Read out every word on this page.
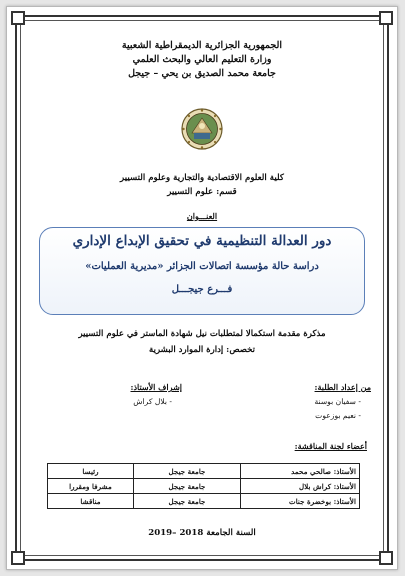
الجمهورية الجزائرية الديمقراطية الشعبية
وزارة التعليم العالي والبحث العلمي
جامعة محمد الصديق بن يحي – جيجل
كلية العلوم الاقتصادية والتجارية وعلوم التسيير
قسم: علوم التسيير
العنـــوان
دور العدالة التنظيمية في تحقيق الإبداع الإداري
دراسة حالة مؤسسة اتصالات الجزائر «مديرية العمليات»
فـــرع جيجـــل
مذكرة مقدمة استكمالا لمتطلبات نيل شهادة الماستر في علوم التسيير
تخصص: إدارة الموارد البشرية
من إعداد الطلبة:
- سفيان بوسنة
- نعيم بوزعوت
إشراف الأستاذ:
- بلال كراش
أعضاء لجنة المناقشة:
الأستاذ: صالحي محمد	جامعة جيجل	رئيسا
الأستاذ: كراش بلال	جامعة جيجل	مشرفا ومقررا
الأستاذ: بوخضرة جنات	جامعة جيجل	مناقشا
السنة الجامعة 2018 –2019
